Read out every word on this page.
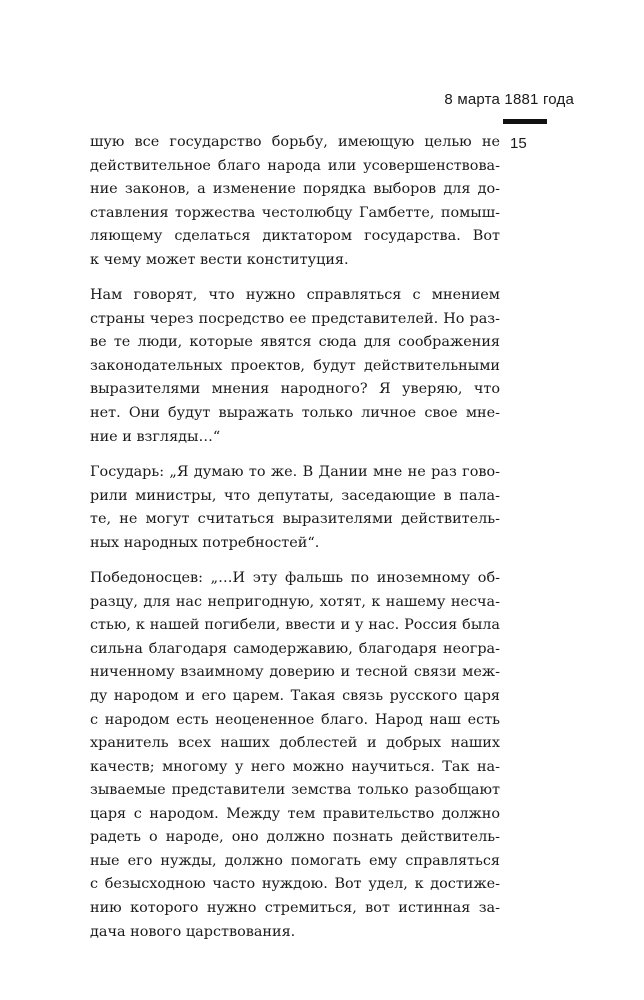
8 марта 1881 года
15
шую все государство борьбу, имеющую целью не
действительное благо народа или усовершенствова-
ние законов, а изменение порядка выборов для до-
ставления торжества честолюбцу Гамбетте, помыш-
ляющему сделаться диктатором государства. Вот
к чему может вести конституция.
Нам говорят, что нужно справляться с мнением
страны через посредство ее представителей. Но раз-
ве те люди, которые явятся сюда для соображения
законодательных проектов, будут действительными
выразителями мнения народного? Я уверяю, что
нет. Они будут выражать только личное свое мне-
ние и взгляды…“
Государь: „Я думаю то же. В Дании мне не раз гово-
рили министры, что депутаты, заседающие в пала-
те, не могут считаться выразителями действитель-
ных народных потребностей“.
Победоносцев: „…И эту фальшь по иноземному об-
разцу, для нас непригодную, хотят, к нашему несча-
стью, к нашей погибели, ввести и у нас. Россия была
сильна благодаря самодержавию, благодаря неогра-
ниченному взаимному доверию и тесной связи меж-
ду народом и его царем. Такая связь русского царя
с народом есть неоцененное благо. Народ наш есть
хранитель всех наших доблестей и добрых наших
качеств; многому у него можно научиться. Так на-
зываемые представители земства только разобщают
царя с народом. Между тем правительство должно
радеть о народе, оно должно познать действитель-
ные его нужды, должно помогать ему справляться
с безысходною часто нуждою. Вот удел, к достиже-
нию которого нужно стремиться, вот истинная за-
дача нового царствования.
